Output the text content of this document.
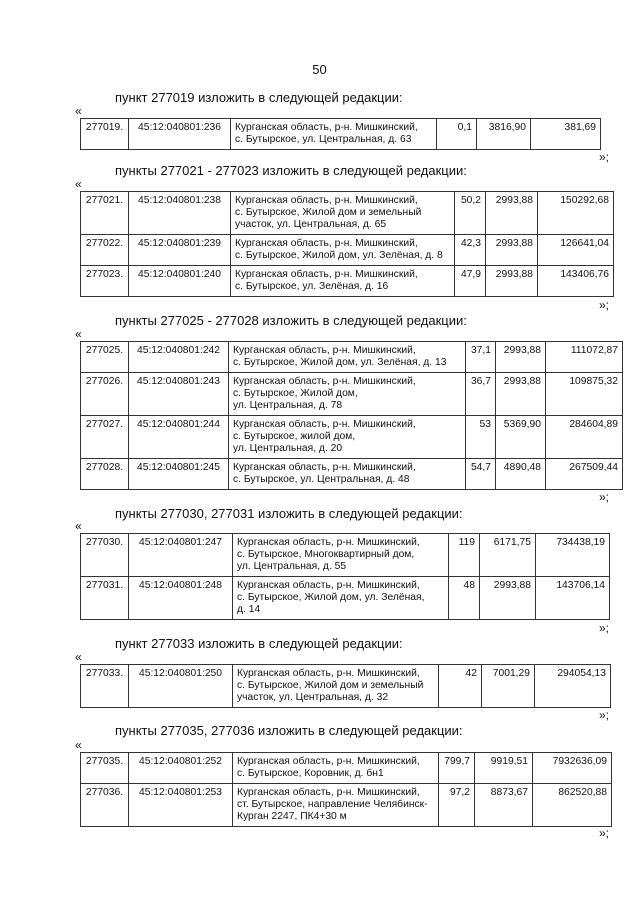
50
пункт 277019 изложить в следующей редакции:
«
277019.	45:12:040801:236	Курганская область, р-н. Мишкинский,
с. Бутырское, ул. Центральная, д. 63
	0,1	3816,90	381,69
»;
пункты 277021 - 277023 изложить в следующей редакции:
«
277021.	45:12:040801:238	Курганская область, р-н. Мишкинский,
с. Бутырское, Жилой дом и земельный
участок, ул. Центральная, д. 65	50,2	2993,88	150292,68
277022.	45:12:040801:239	Курганская область, р-н. Мишкинский,
с. Бутырское, Жилой дом, ул. Зелёная, д. 8	42,3	2993,88	126641,04
277023.	45:12:040801:240	Курганская область, р-н. Мишкинский,
с. Бутырское, ул. Зелёная, д. 16	47,9	2993,88	143406,76
»;
пункты 277025 - 277028 изложить в следующей редакции:
«
277025.	45:12:040801:242	Курганская область, р-н. Мишкинский,
с. Бутырское, Жилой дом, ул. Зелёная, д. 13	37,1	2993,88	111072,87
277026.	45:12:040801:243	Курганская область, р-н. Мишкинский,
с. Бутырское, Жилой дом,
ул. Центральная, д. 78	36,7	2993,88	109875,32
277027.	45:12:040801:244	Курганская область, р-н. Мишкинский,
с. Бутырское, жилой дом,
ул. Центральная, д. 20	53	5369,90	284604,89
277028.	45:12:040801:245	Курганская область, р-н. Мишкинский,
с. Бутырское, ул. Центральная, д. 48	54,7	4890,48	267509,44
»;
пункты 277030, 277031 изложить в следующей редакции:
«
277030.	45:12:040801:247	Курганская область, р-н. Мишкинский,
с. Бутырское, Многоквартирный дом,
ул. Центральная, д. 55	119	6171,75	734438,19
277031.	45:12:040801:248	Курганская область, р-н. Мишкинский,
с. Бутырское, Жилой дом, ул. Зелёная,
д. 14	48	2993,88	143706,14
»;
пункт 277033 изложить в следующей редакции:
«
277033.	45:12:040801:250	Курганская область, р-н. Мишкинский,
с. Бутырское, Жилой дом и земельный
участок, ул. Центральная, д. 32
	42	7001,29	294054,13
»;
пункты 277035, 277036 изложить в следующей редакции:
«
277035.	45:12:040801:252	Курганская область, р-н. Мишкинский,
с. Бутырское, Коровник, д. бн1	799,7	9919,51	7932636,09
277036.	45:12:040801:253	Курганская область, р-н. Мишкинский,
ст. Бутырское, направление Челябинск-
Курган 2247, ПК4+30 м	97,2	8873,67	862520,88
»;
